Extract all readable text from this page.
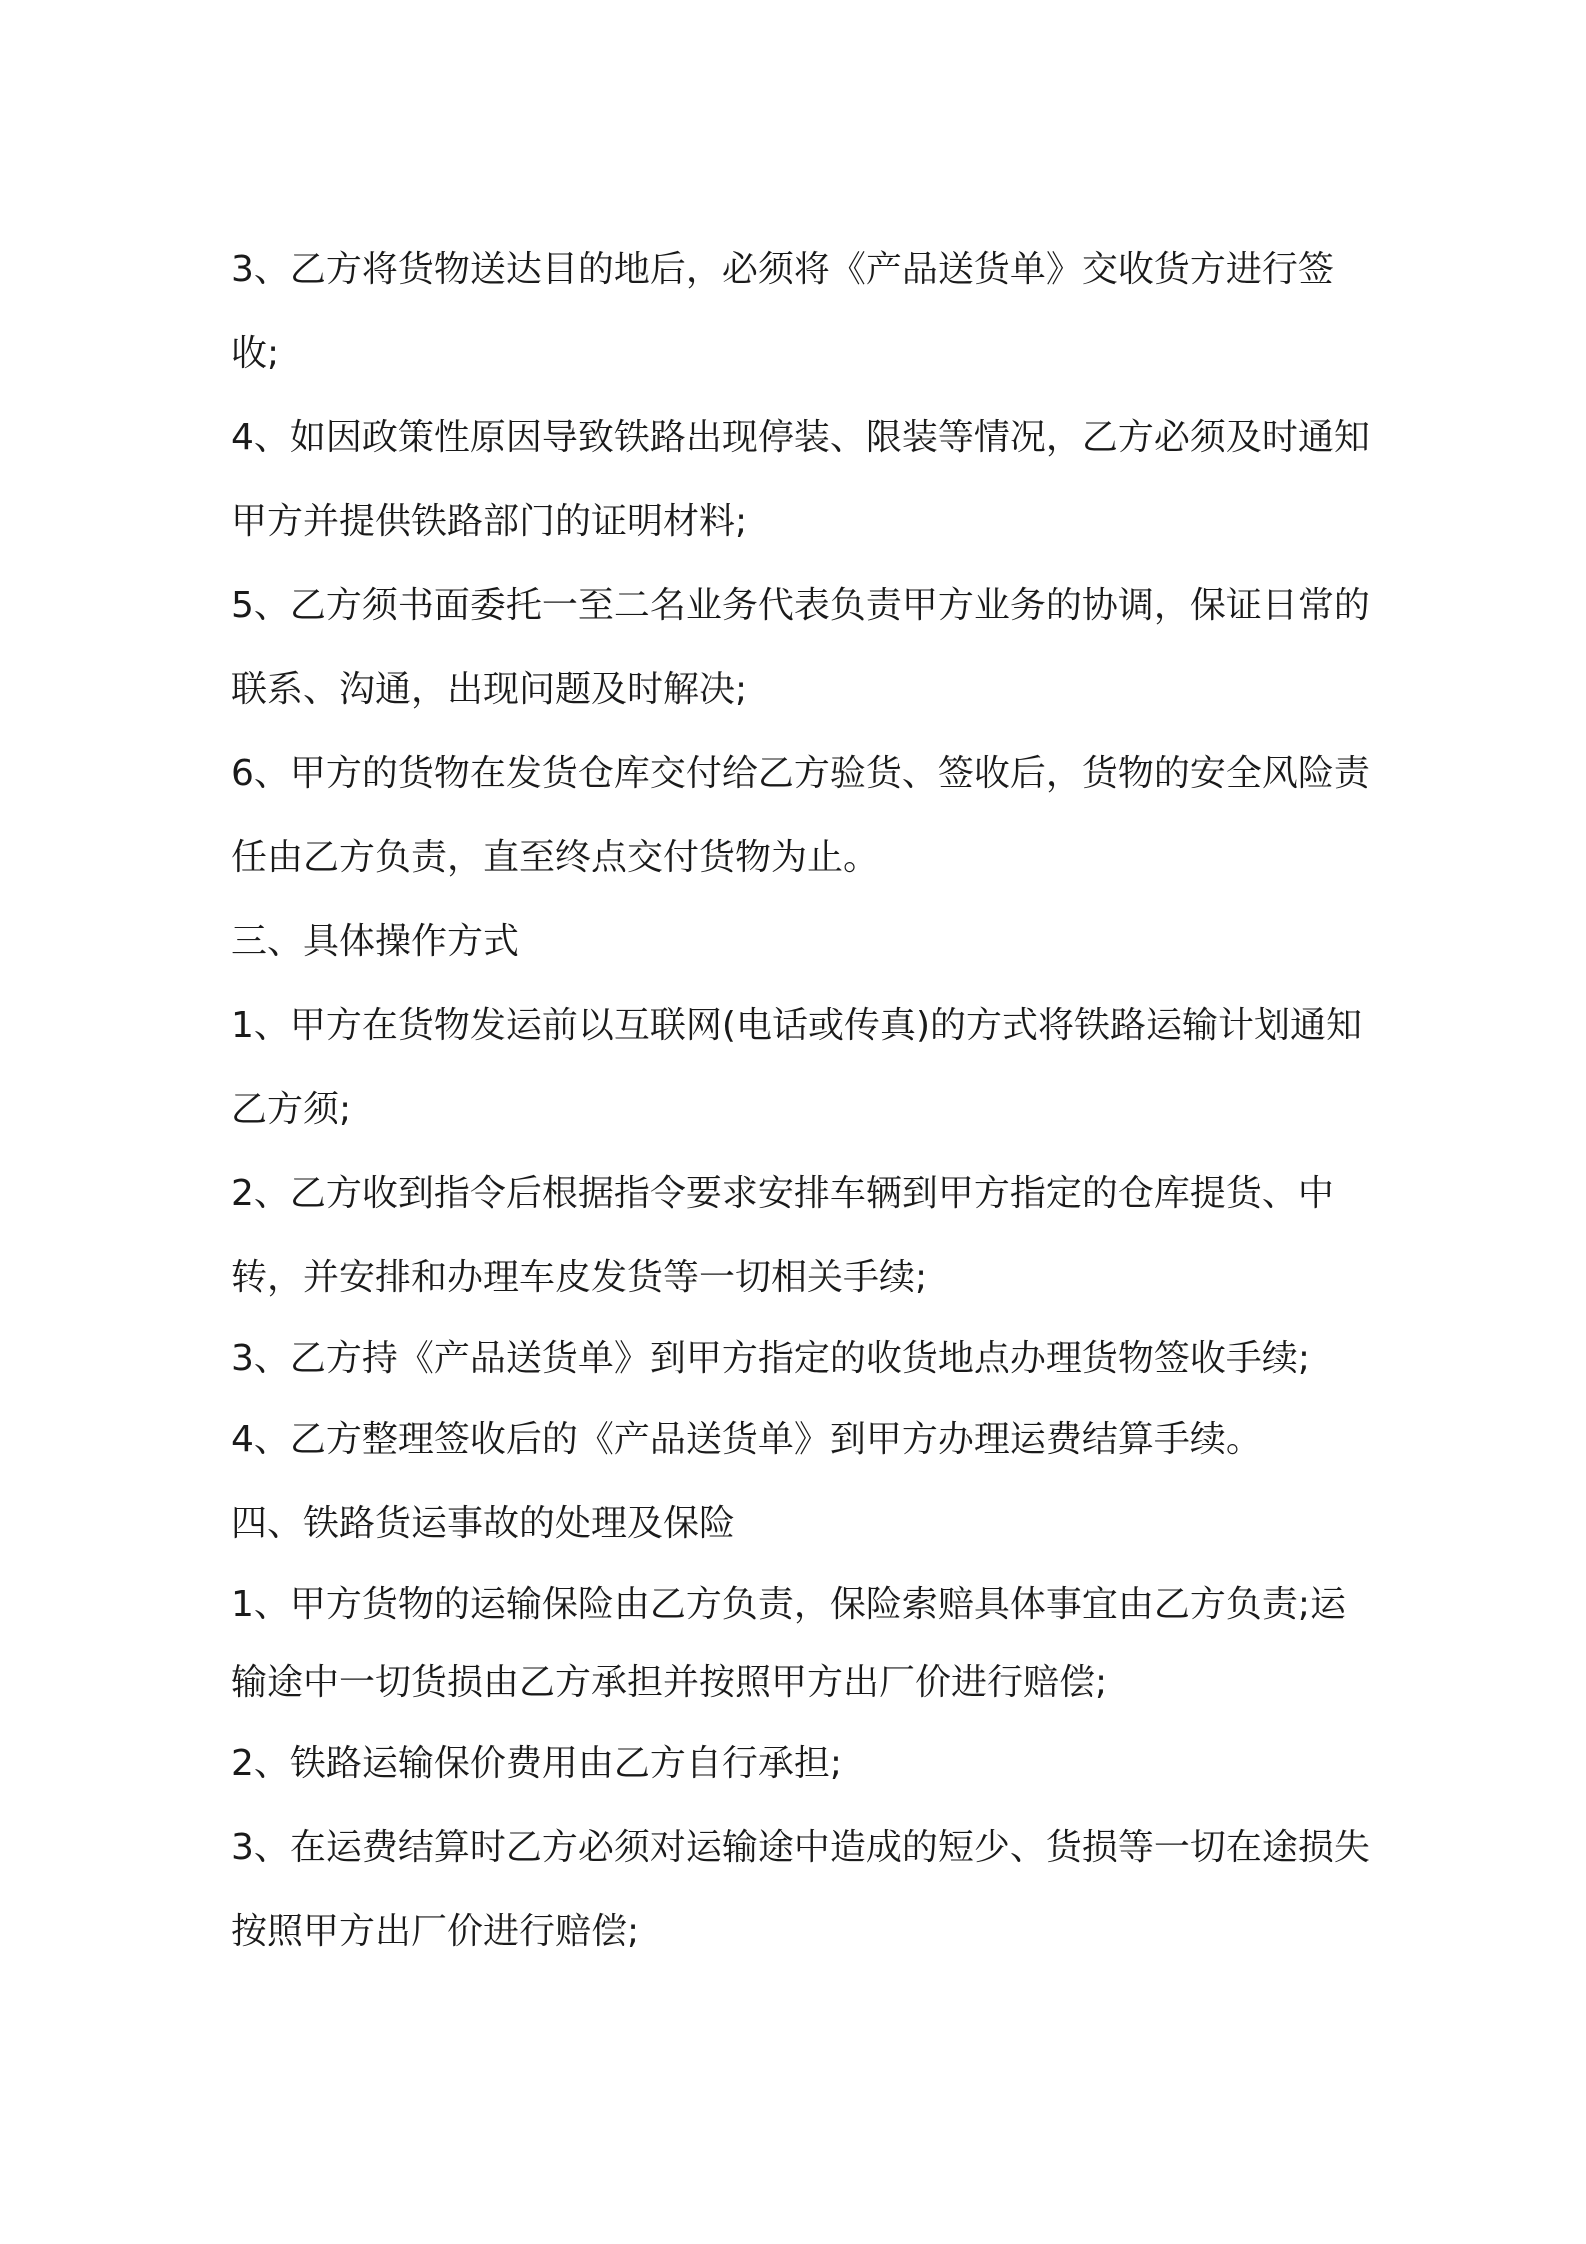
3、乙方将货物送达目的地后，必须将《产品送货单》交收货方进行签收;

4、如因政策性原因导致铁路出现停装、限装等情况，乙方必须及时通知甲方并提供铁路部门的证明材料;

5、乙方须书面委托一至二名业务代表负责甲方业务的协调，保证日常的联系、沟通，出现问题及时解决;

6、甲方的货物在发货仓库交付给乙方验货、签收后，货物的安全风险责任由乙方负责，直至终点交付货物为止。

三、具体操作方式

1、甲方在货物发运前以互联网(电话或传真)的方式将铁路运输计划通知乙方须;

2、乙方收到指令后根据指令要求安排车辆到甲方指定的仓库提货、中转，并安排和办理车皮发货等一切相关手续;

3、乙方持《产品送货单》到甲方指定的收货地点办理货物签收手续;

4、乙方整理签收后的《产品送货单》到甲方办理运费结算手续。

四、铁路货运事故的处理及保险

1、甲方货物的运输保险由乙方负责，保险索赔具体事宜由乙方负责;运输途中一切货损由乙方承担并按照甲方出厂价进行赔偿;

2、铁路运输保价费用由乙方自行承担;

3、在运费结算时乙方必须对运输途中造成的短少、货损等一切在途损失按照甲方出厂价进行赔偿;
